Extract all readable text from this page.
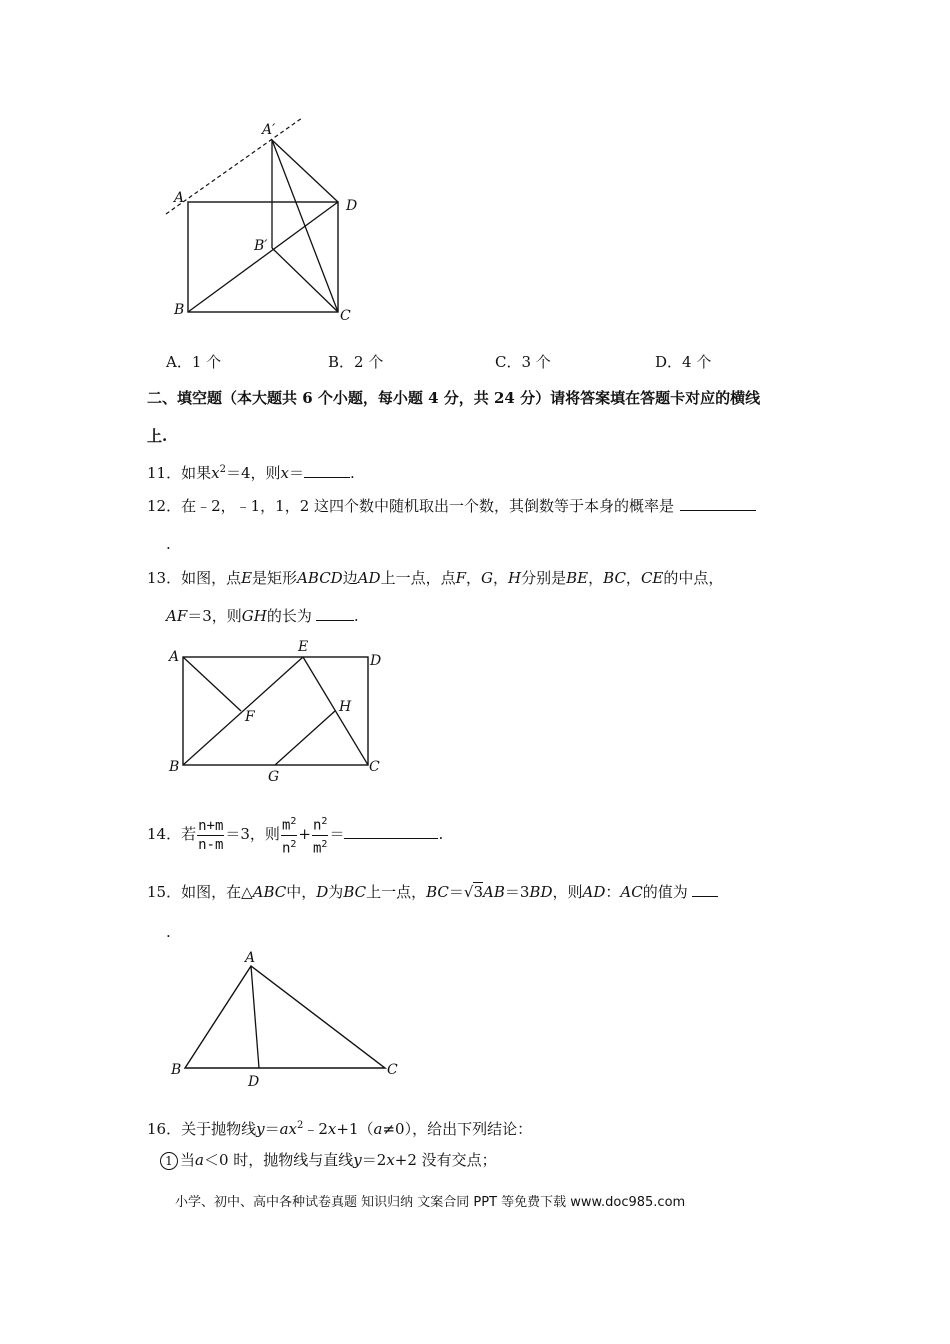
A′
A	D
B′
B	C
A．1 个	B．2 个	C．3 个	D．4 个
二、填空题（本大题共 6 个小题，每小题 4 分，共 24 分）请将答案填在答题卡对应的横线
上.
11．如果$x^2=4$，则x＝	.
12．在﹣2，﹣1，1，2 这四个数中随机取出一个数，其倒数等于本身的概率是
.
13．如图，点E是矩形ABCD边AD上一点，点F，G，H分别是BE，BC，CE的中点，
AF＝3，则GH的长为	.
A
E
D
F
H
B
G
C
14．若 $\frac{n+m}{n-m} =3$，则 $\frac{m^2}{n^2} + \frac{n^2}{m^2}$ ＝	.
15．如图，在△ABC中，D为BC上一点，BC＝√3AB＝3BD，则AD：AC的值为
.
A
B
D
C
16．关于抛物线$y=ax^2﹣2x+1(a\ne 0)$，给出下列结论：
1 当a＜0 时，抛物线与直线y＝2x+2 没有交点；
小学、初中、高中各种试卷真题 知识归纳 文案合同 PPT 等免费下载 www.doc985.com
